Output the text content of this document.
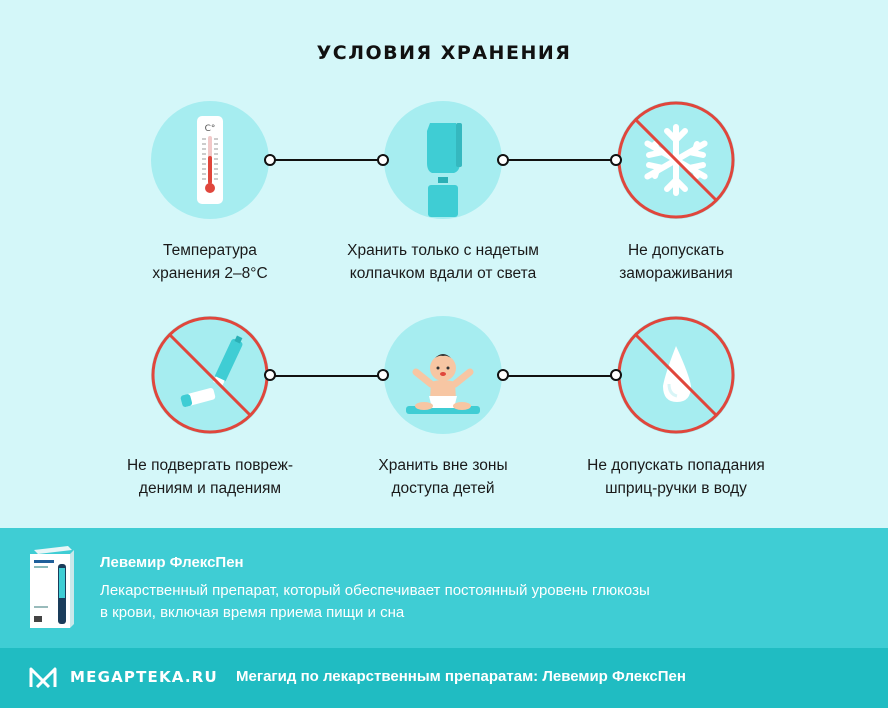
УСЛОВИЯ ХРАНЕНИЯ
С°
Температура
хранения 2–8°С
Хранить только с надетым
колпачком вдали от света
Не допускать
замораживания
Не подвергать повреж-
дениям и падениям
Хранить вне зоны
доступа детей
Не допускать попадания
шприц-ручки в воду
Левемир ФлексПен
Лекарственный препарат, который обеспечивает постоянный уровень глюкозы
в крови, включая время приема пищи и сна
MEGAPTEKA.RU Мегагид по лекарственным препаратам: Левемир ФлексПен
